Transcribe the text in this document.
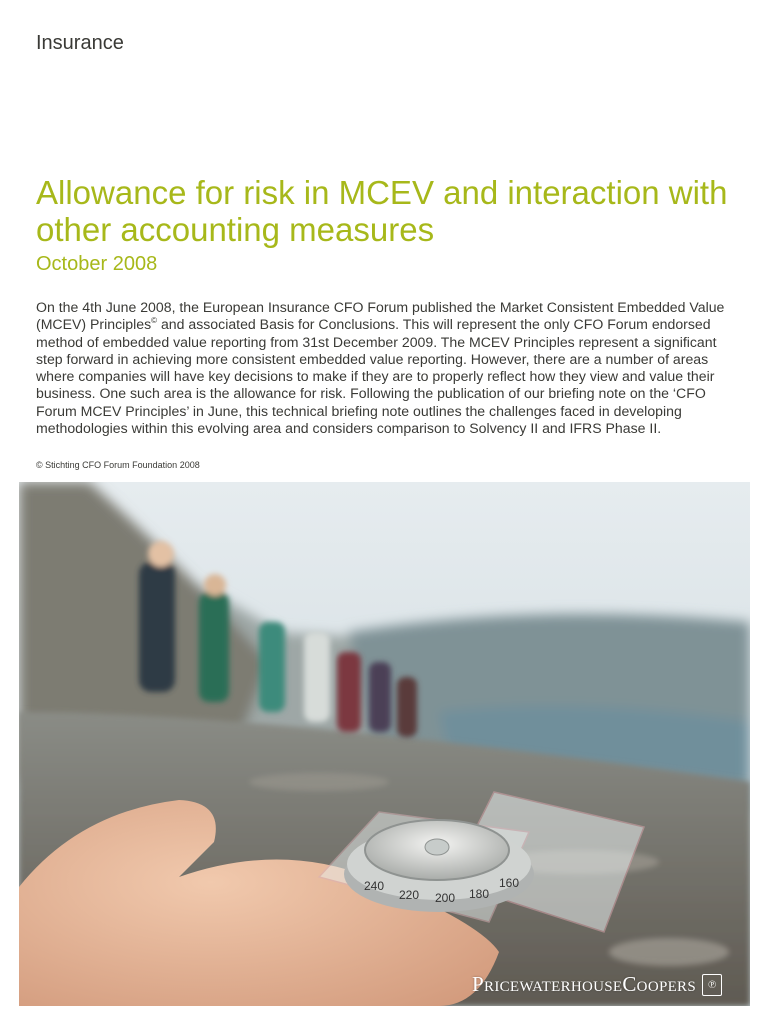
Insurance
Allowance for risk in MCEV and interaction with other accounting measures
October 2008
On the 4th June 2008, the European Insurance CFO Forum published the Market Consistent Embedded Value (MCEV) Principles© and associated Basis for Conclusions. This will represent the only CFO Forum endorsed method of embedded value reporting from 31st December 2009. The MCEV Principles represent a significant step forward in achieving more consistent embedded value reporting. However, there are a number of areas where companies will have key decisions to make if they are to properly reflect how they view and value their business. One such area is the allowance for risk. Following the publication of our briefing note on the ‘CFO Forum MCEV Principles’ in June, this technical briefing note outlines the challenges faced in developing methodologies within this evolving area and considers comparison to Solvency II and IFRS Phase II.
© Stichting CFO Forum Foundation 2008
240
220 200 180
160
PricewaterhouseCoopers	℗
